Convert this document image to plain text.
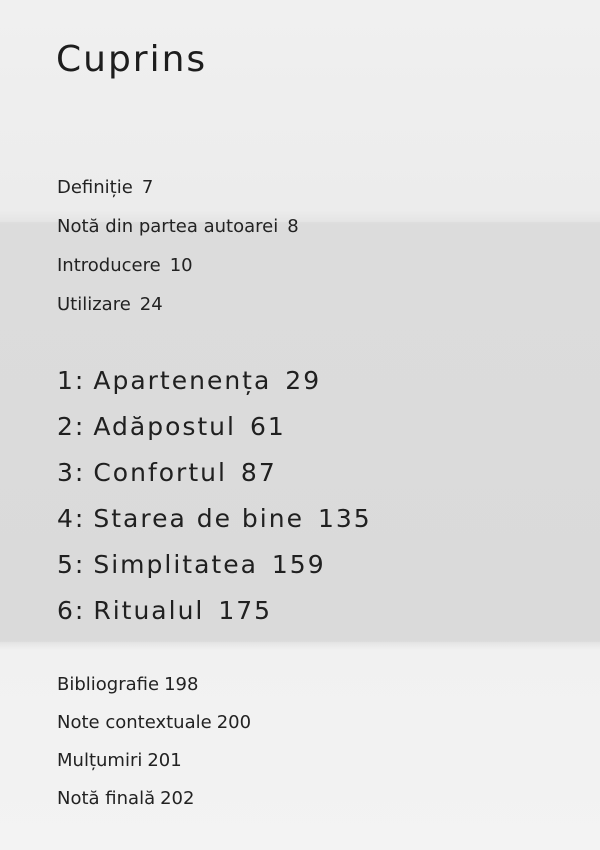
Cuprins
Definiție 7
Notă din partea autoarei 8
Introducere 10
Utilizare 24
1: Apartenența 29
2: Adăpostul 61
3: Confortul 87
4: Starea de bine 135
5: Simplitatea 159
6: Ritualul 175
Bibliografie 198
Note contextuale 200
Mulțumiri 201
Notă finală 202
